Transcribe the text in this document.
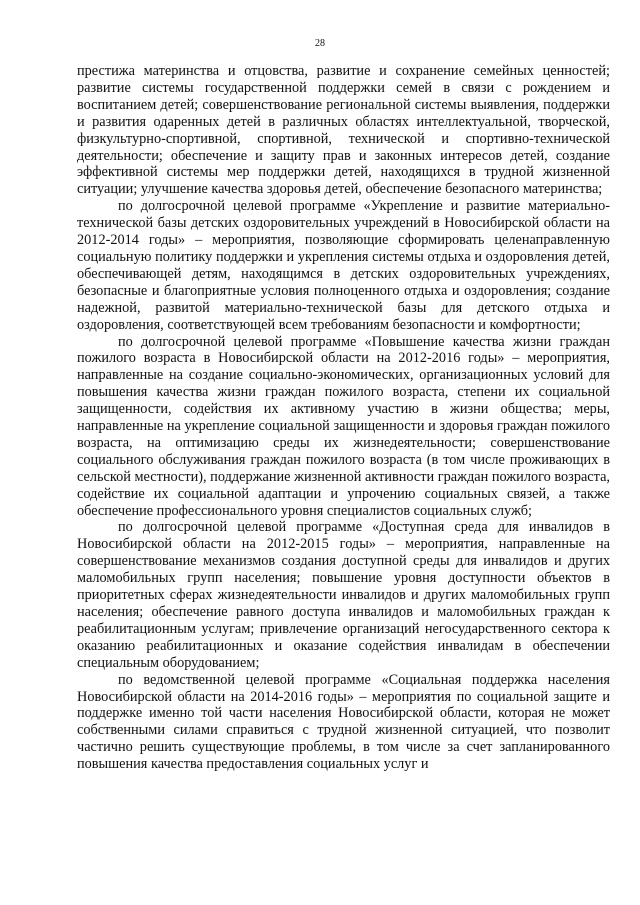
28

престижа материнства и отцовства, развитие и сохранение семейных ценностей; развитие системы государственной поддержки семей в связи с рождением и воспитанием детей; совершенствование региональной системы выявления, поддержки и развития одаренных детей в различных областях интеллектуальной, творческой, физкультурно-спортивной, спортивной, технической и спортивно-технической деятельности; обеспечение и защиту прав и законных интересов детей, создание эффективной системы мер поддержки детей, находящихся в трудной жизненной ситуации; улучшение качества здоровья детей, обеспечение безопасного материнства;

по долгосрочной целевой программе «Укрепление и развитие материально-технической базы детских оздоровительных учреждений в Новосибирской области на 2012-2014 годы» – мероприятия, позволяющие сформировать целенаправленную социальную политику поддержки и укрепления системы отдыха и оздоровления детей, обеспечивающей детям, находящимся в детских оздоровительных учреждениях, безопасные и благоприятные условия полноценного отдыха и оздоровления; создание надежной, развитой материально-технической базы для детского отдыха и оздоровления, соответствующей всем требованиям безопасности и комфортности;

по долгосрочной целевой программе «Повышение качества жизни граждан пожилого возраста в Новосибирской области на 2012-2016 годы» – мероприятия, направленные на создание социально-экономических, организационных условий для повышения качества жизни граждан пожилого возраста, степени их социальной защищенности, содействия их активному участию в жизни общества; меры, направленные на укрепление социальной защищенности и здоровья граждан пожилого возраста, на оптимизацию среды их жизнедеятельности; совершенствование социального обслуживания граждан пожилого возраста (в том числе проживающих в сельской местности), поддержание жизненной активности граждан пожилого возраста, содействие их социальной адаптации и упрочению социальных связей, а также обеспечение профессионального уровня специалистов социальных служб;

по долгосрочной целевой программе «Доступная среда для инвалидов в Новосибирской области на 2012-2015 годы» – мероприятия, направленные на совершенствование механизмов создания доступной среды для инвалидов и других маломобильных групп населения; повышение уровня доступности объектов в приоритетных сферах жизнедеятельности инвалидов и других маломобильных групп населения; обеспечение равного доступа инвалидов и маломобильных граждан к реабилитационным услугам; привлечение организаций негосударственного сектора к оказанию реабилитационных и оказание содействия инвалидам в обеспечении специальным оборудованием;

по ведомственной целевой программе «Социальная поддержка населения Новосибирской области на 2014-2016 годы» – мероприятия по социальной защите и поддержке именно той части населения Новосибирской области, которая не может собственными силами справиться с трудной жизненной ситуацией, что позволит частично решить существующие проблемы, в том числе за счет запланированного повышения качества предоставления социальных услуг и
